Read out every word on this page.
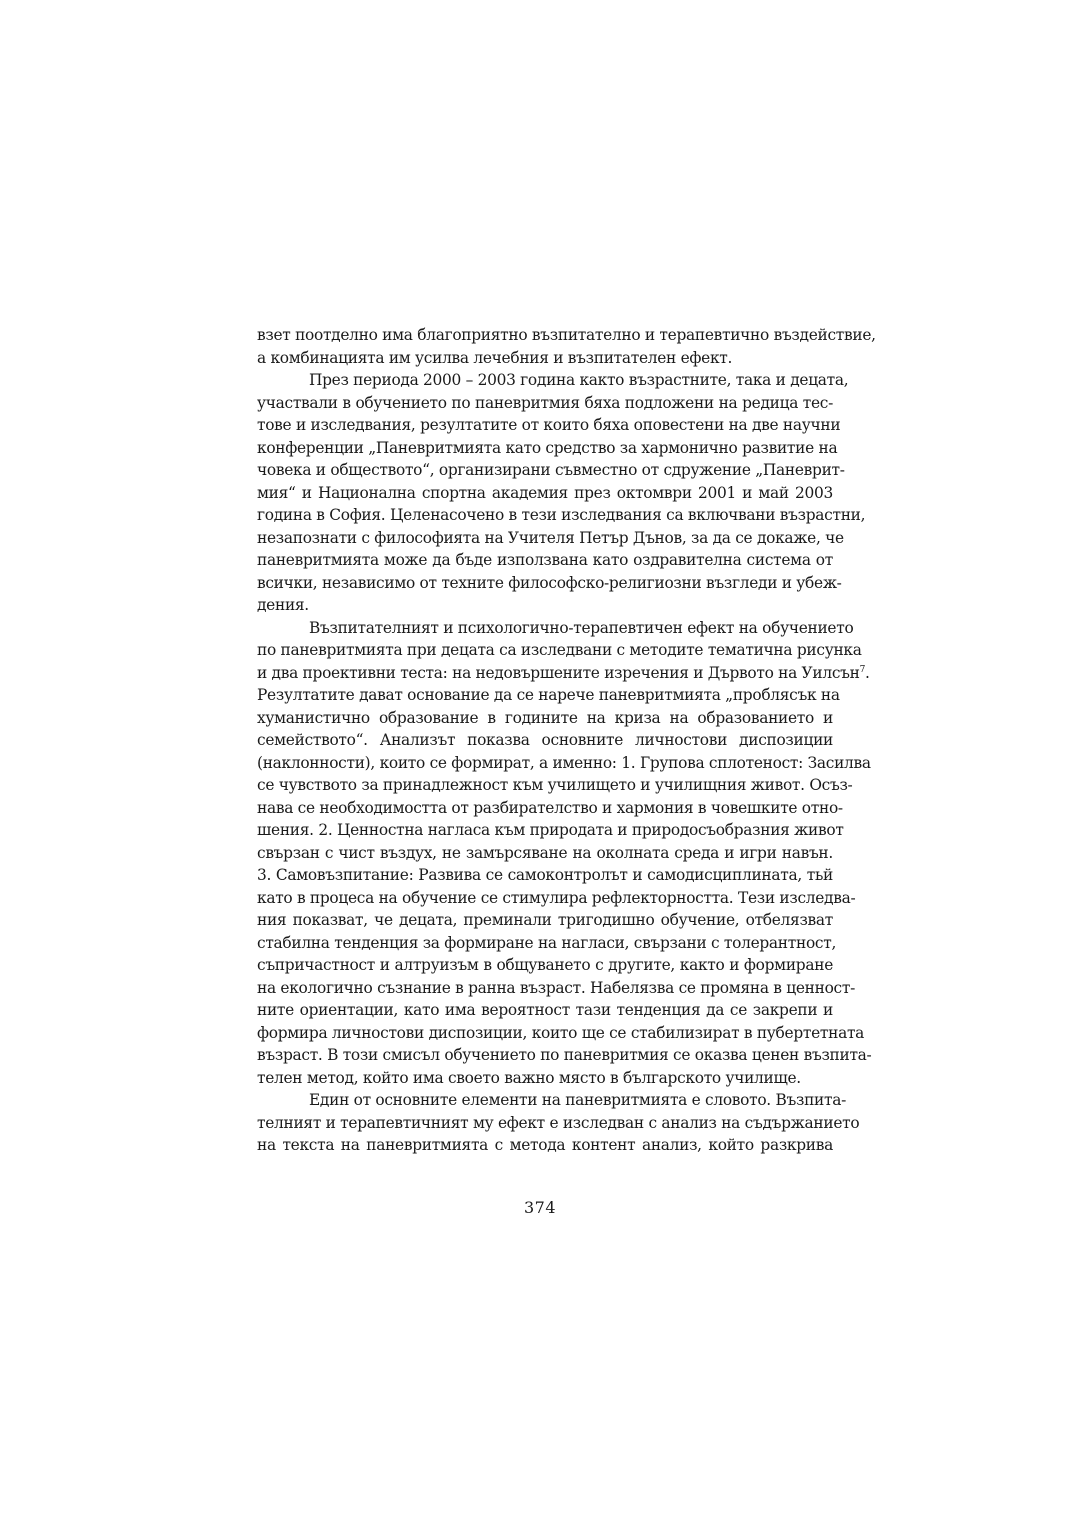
взет поотделно има благоприятно възпитателно и терапевтично въздействие,
а комбинацията им усилва лечебния и възпитателен ефект.
През периода 2000 – 2003 година както възрастните, така и децата,
участвали в обучението по паневритмия бяха подложени на редица тес-
тове и изследвания, резултатите от които бяха оповестени на две научни
конференции „Паневритмията като средство за хармонично развитие на
човека и обществото“, организирани съвместно от сдружение „Паневрит-
мия“ и Национална спортна академия през октомври 2001 и май 2003
година в София. Целенасочено в тези изследвания са включвани възрастни,
незапознати с философията на Учителя Петър Дънов, за да се докаже, че
паневритмията може да бъде използвана като оздравителна система от
всички, независимо от техните философско-религиозни възгледи и убеж-
дения.
Възпитателният и психологично-терапевтичен ефект на обучението
по паневритмията при децата са изследвани с методите тематична рисунка
и два проективни теста: на недовършените изречения и Дървото на Уилсън$^7$.
Резултатите дават основание да се нарече паневритмията „проблясък на
хуманистично образование в годините на криза на образованието и
семейството“. Анализът показва основните личностови диспозиции
(наклонности), които се формират, а именно: 1. Групова сплотеност: Засилва
се чувството за принадлежност към училището и училищния живот. Осъз-
нава се необходимостта от разбирателство и хармония в човешките отно-
шения. 2. Ценностна нагласа към природата и природосъобразния живот
свързан с чист въздух, не замърсяване на околната среда и игри навън.
3. Самовъзпитание: Развива се самоконтролът и самодисциплината, тьй
като в процеса на обучение се стимулира рефлекторността. Тези изследва-
ния показват, че децата, преминали тригодишно обучение, отбелязват
стабилна тенденция за формиране на нагласи, свързани с толерантност,
съпричастност и алтруизъм в общуването с другите, както и формиране
на екологично съзнание в ранна възраст. Набелязва се промяна в ценност-
ните ориентации, като има вероятност тази тенденция да се закрепи и
формира личностови диспозиции, които ще се стабилизират в пубертетната
възраст. В този смисъл обучението по паневритмия се оказва ценен възпита-
телен метод, който има своето важно място в българското училище.
Един от основните елементи на паневритмията е словото. Възпита-
телният и терапевтичният му ефект е изследван с анализ на съдържанието
на текста на паневритмията с метода контент анализ, който разкрива
374
